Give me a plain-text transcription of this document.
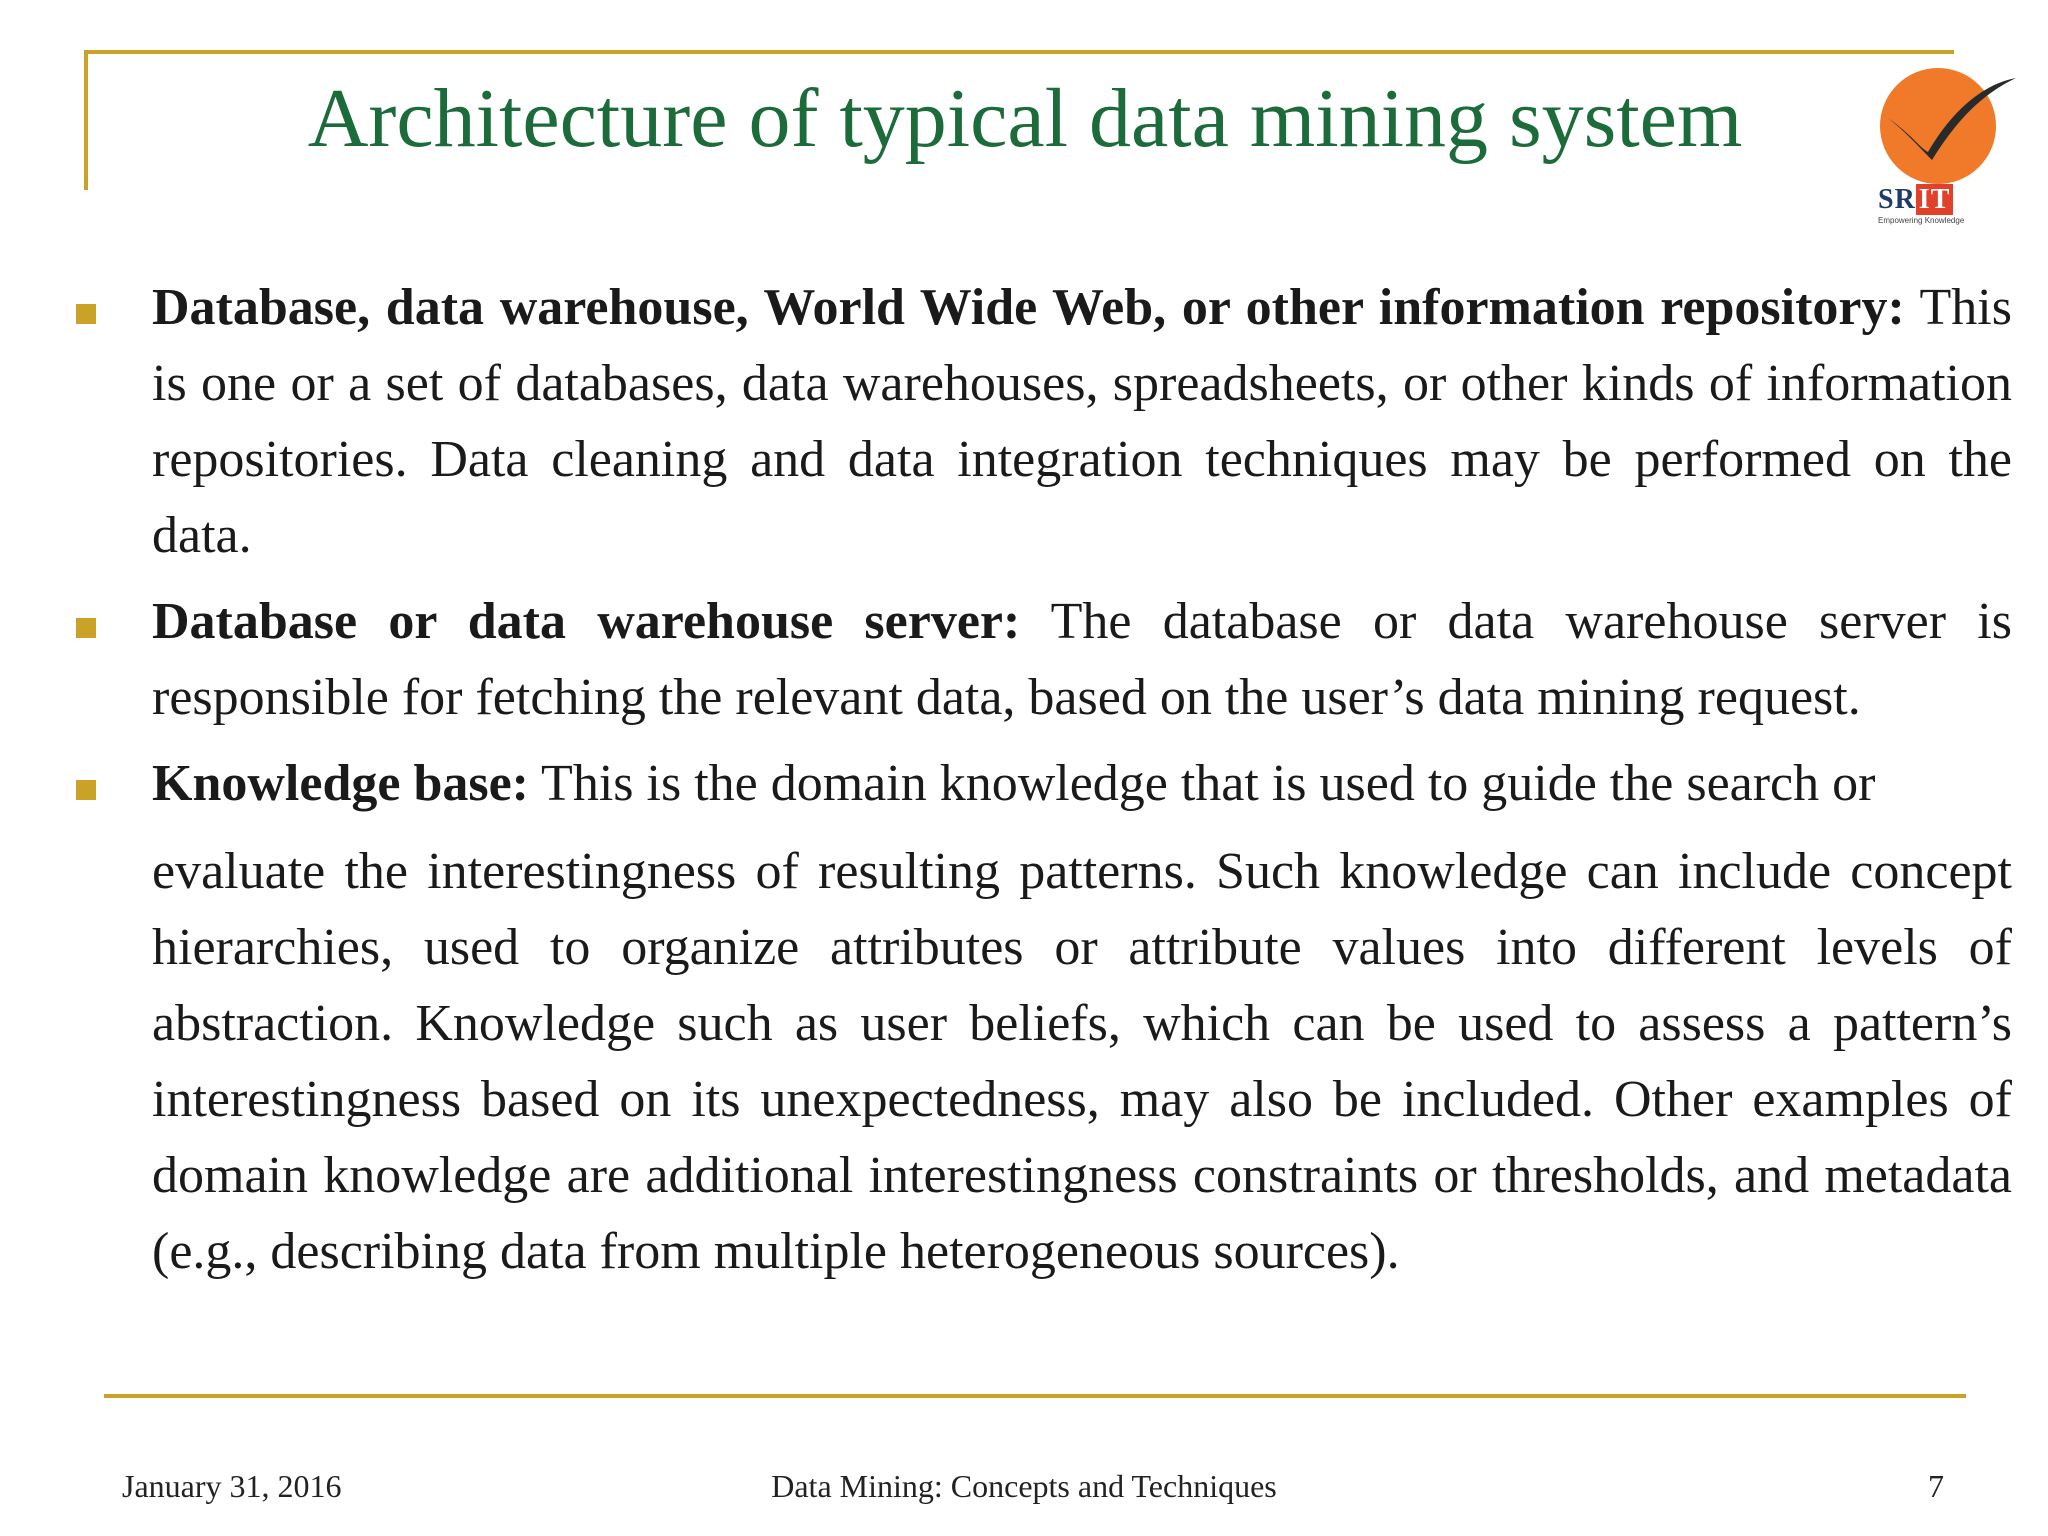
Architecture of typical data mining system
SR IT
Empowering Knowledge
Database, data warehouse, World Wide Web, or other information repository: This is one or a set of databases, data warehouses, spreadsheets, or other kinds of information repositories. Data cleaning and data integration techniques may be performed on the data.
Database or data warehouse server: The database or data warehouse server is responsible for fetching the relevant data, based on the user’s data mining request.
Knowledge base: This is the domain knowledge that is used to guide the search or
evaluate the interestingness of resulting patterns. Such knowledge can include concept hierarchies, used to organize attributes or attribute values into different levels of abstraction. Knowledge such as user beliefs, which can be used to assess a pattern’s interestingness based on its unexpectedness, may also be included. Other examples of domain knowledge are additional interestingness constraints or thresholds, and metadata (e.g., describing data from multiple heterogeneous sources).
January 31, 2016	Data Mining: Concepts and Techniques	7
